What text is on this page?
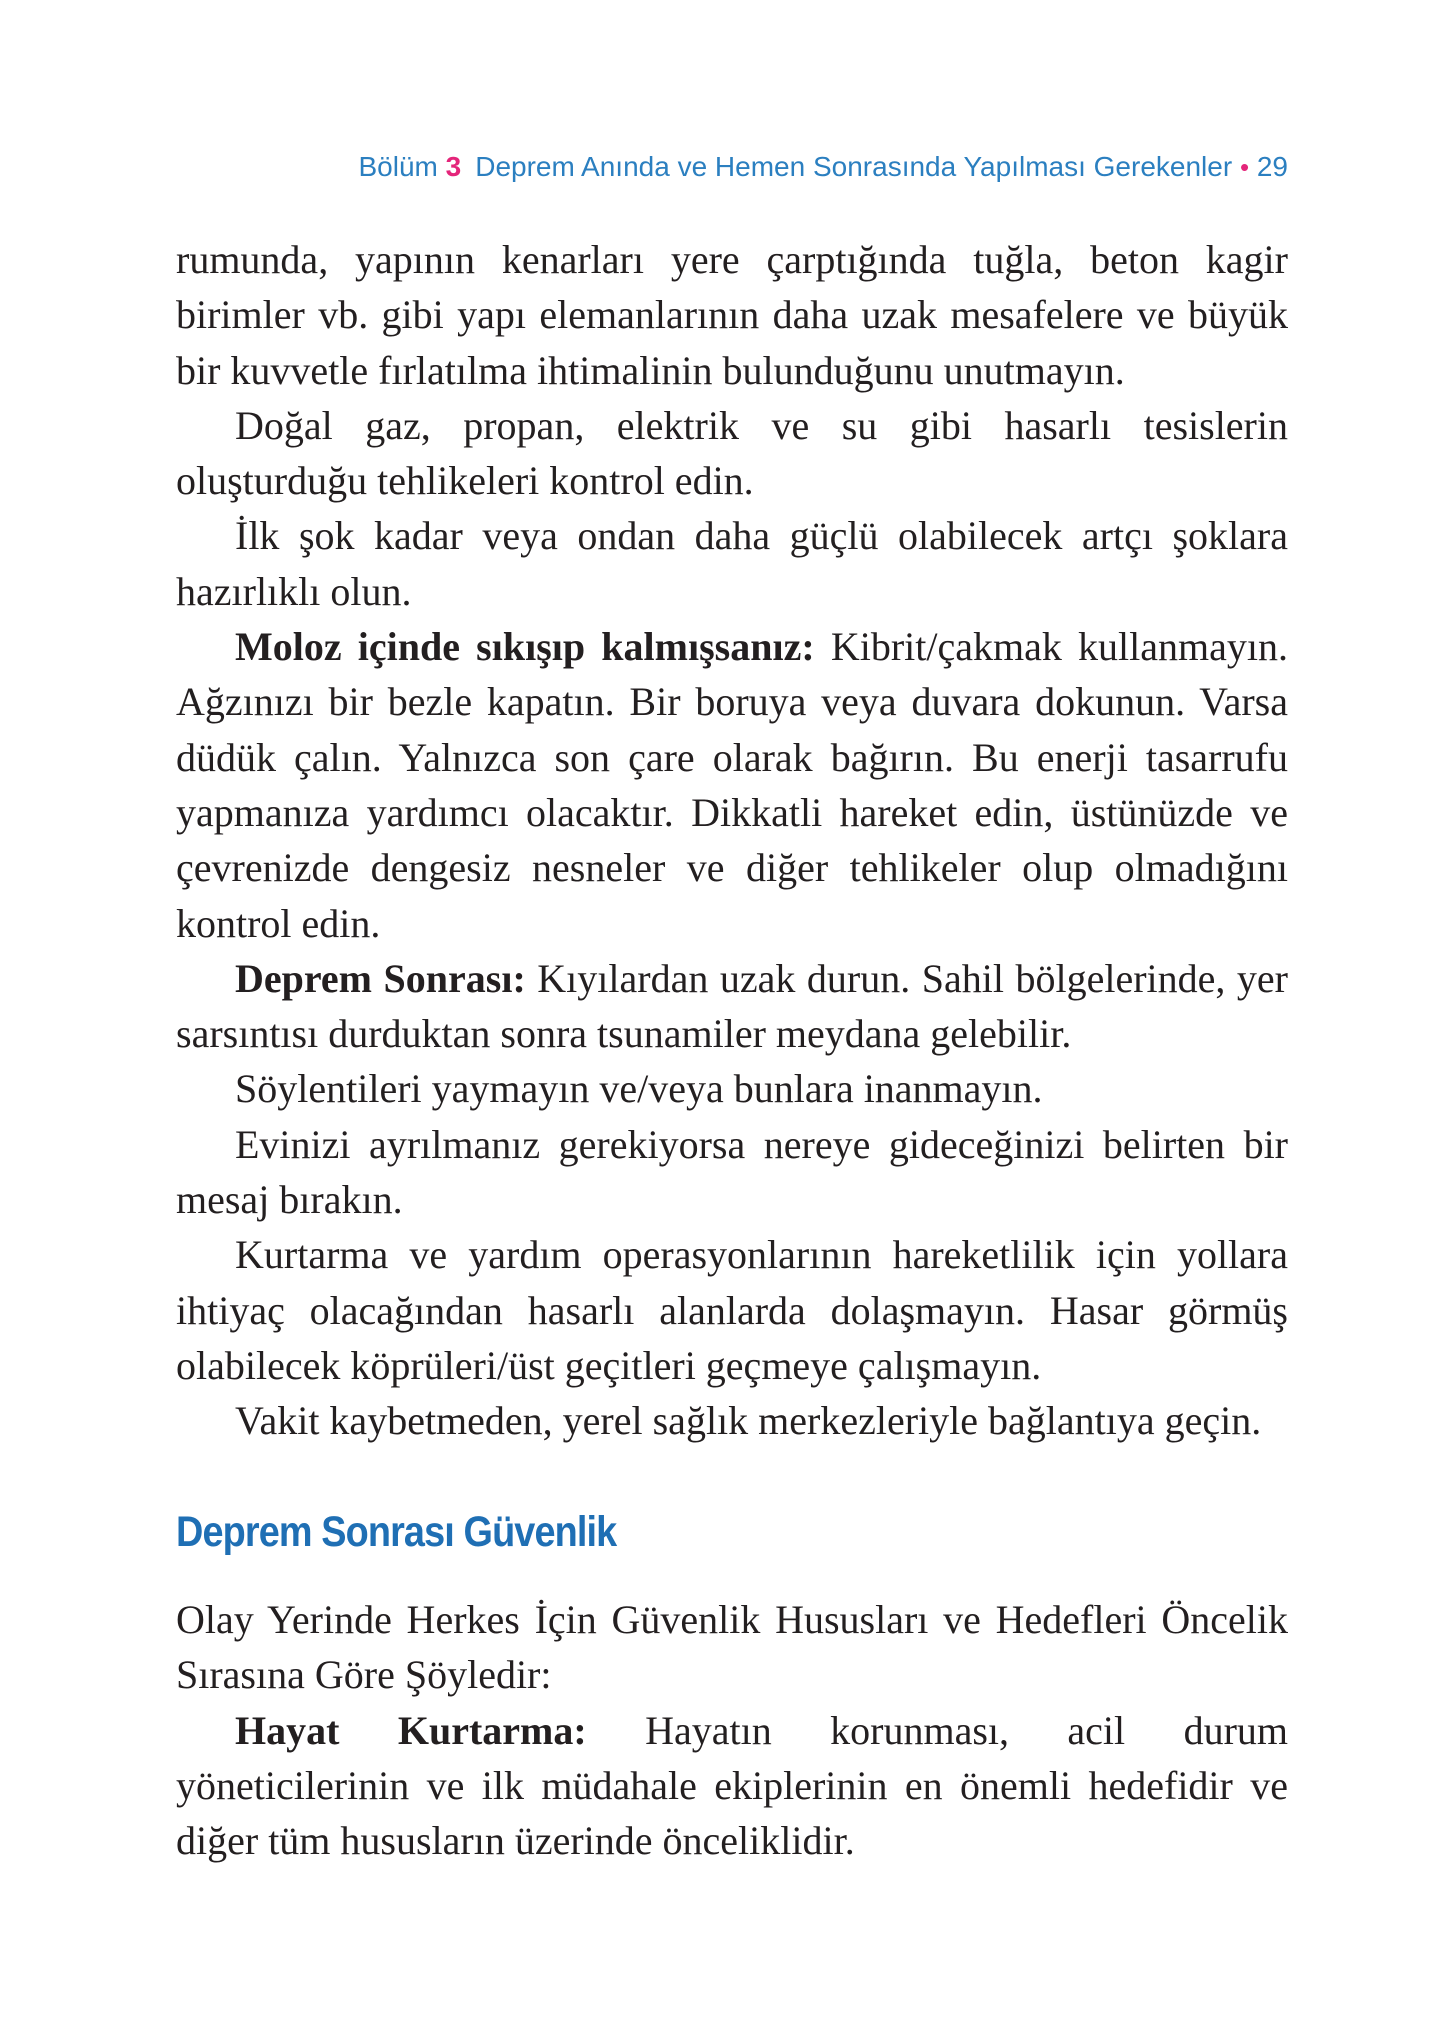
Bölüm 3 Deprem Anında ve Hemen Sonrasında Yapılması Gerekenler • 29

rumunda, yapının kenarları yere çarptığında tuğla, beton kagir birimler vb. gibi yapı elemanlarının daha uzak mesafelere ve büyük bir kuvvetle fırlatılma ihtimalinin bulunduğunu unutmayın.

Doğal gaz, propan, elektrik ve su gibi hasarlı tesislerin oluşturduğu tehlikeleri kontrol edin.

İlk şok kadar veya ondan daha güçlü olabilecek artçı şoklara hazırlıklı olun.

Moloz içinde sıkışıp kalmışsanız: Kibrit/çakmak kullanmayın. Ağzınızı bir bezle kapatın. Bir boruya veya duvara dokunun. Varsa düdük çalın. Yalnızca son çare olarak bağırın. Bu enerji tasarrufu yapmanıza yardımcı olacaktır. Dikkatli hareket edin, üstünüzde ve çevrenizde dengesiz nesneler ve diğer tehlikeler olup olmadığını kontrol edin.

Deprem Sonrası: Kıyılardan uzak durun. Sahil bölgelerinde, yer sarsıntısı durduktan sonra tsunamiler meydana gelebilir.

Söylentileri yaymayın ve/veya bunlara inanmayın.

Evinizi ayrılmanız gerekiyorsa nereye gideceğinizi belirten bir mesaj bırakın.

Kurtarma ve yardım operasyonlarının hareketlilik için yollara ihtiyaç olacağından hasarlı alanlarda dolaşmayın. Hasar görmüş olabilecek köprüleri/üst geçitleri geçmeye çalışmayın.

Vakit kaybetmeden, yerel sağlık merkezleriyle bağlantıya geçin.

Deprem Sonrası Güvenlik

Olay Yerinde Herkes İçin Güvenlik Hususları ve Hedefleri Öncelik Sırasına Göre Şöyledir:

Hayat Kurtarma: Hayatın korunması, acil durum yöneticilerinin ve ilk müdahale ekiplerinin en önemli hedefidir ve diğer tüm hususların üzerinde önceliklidir.
